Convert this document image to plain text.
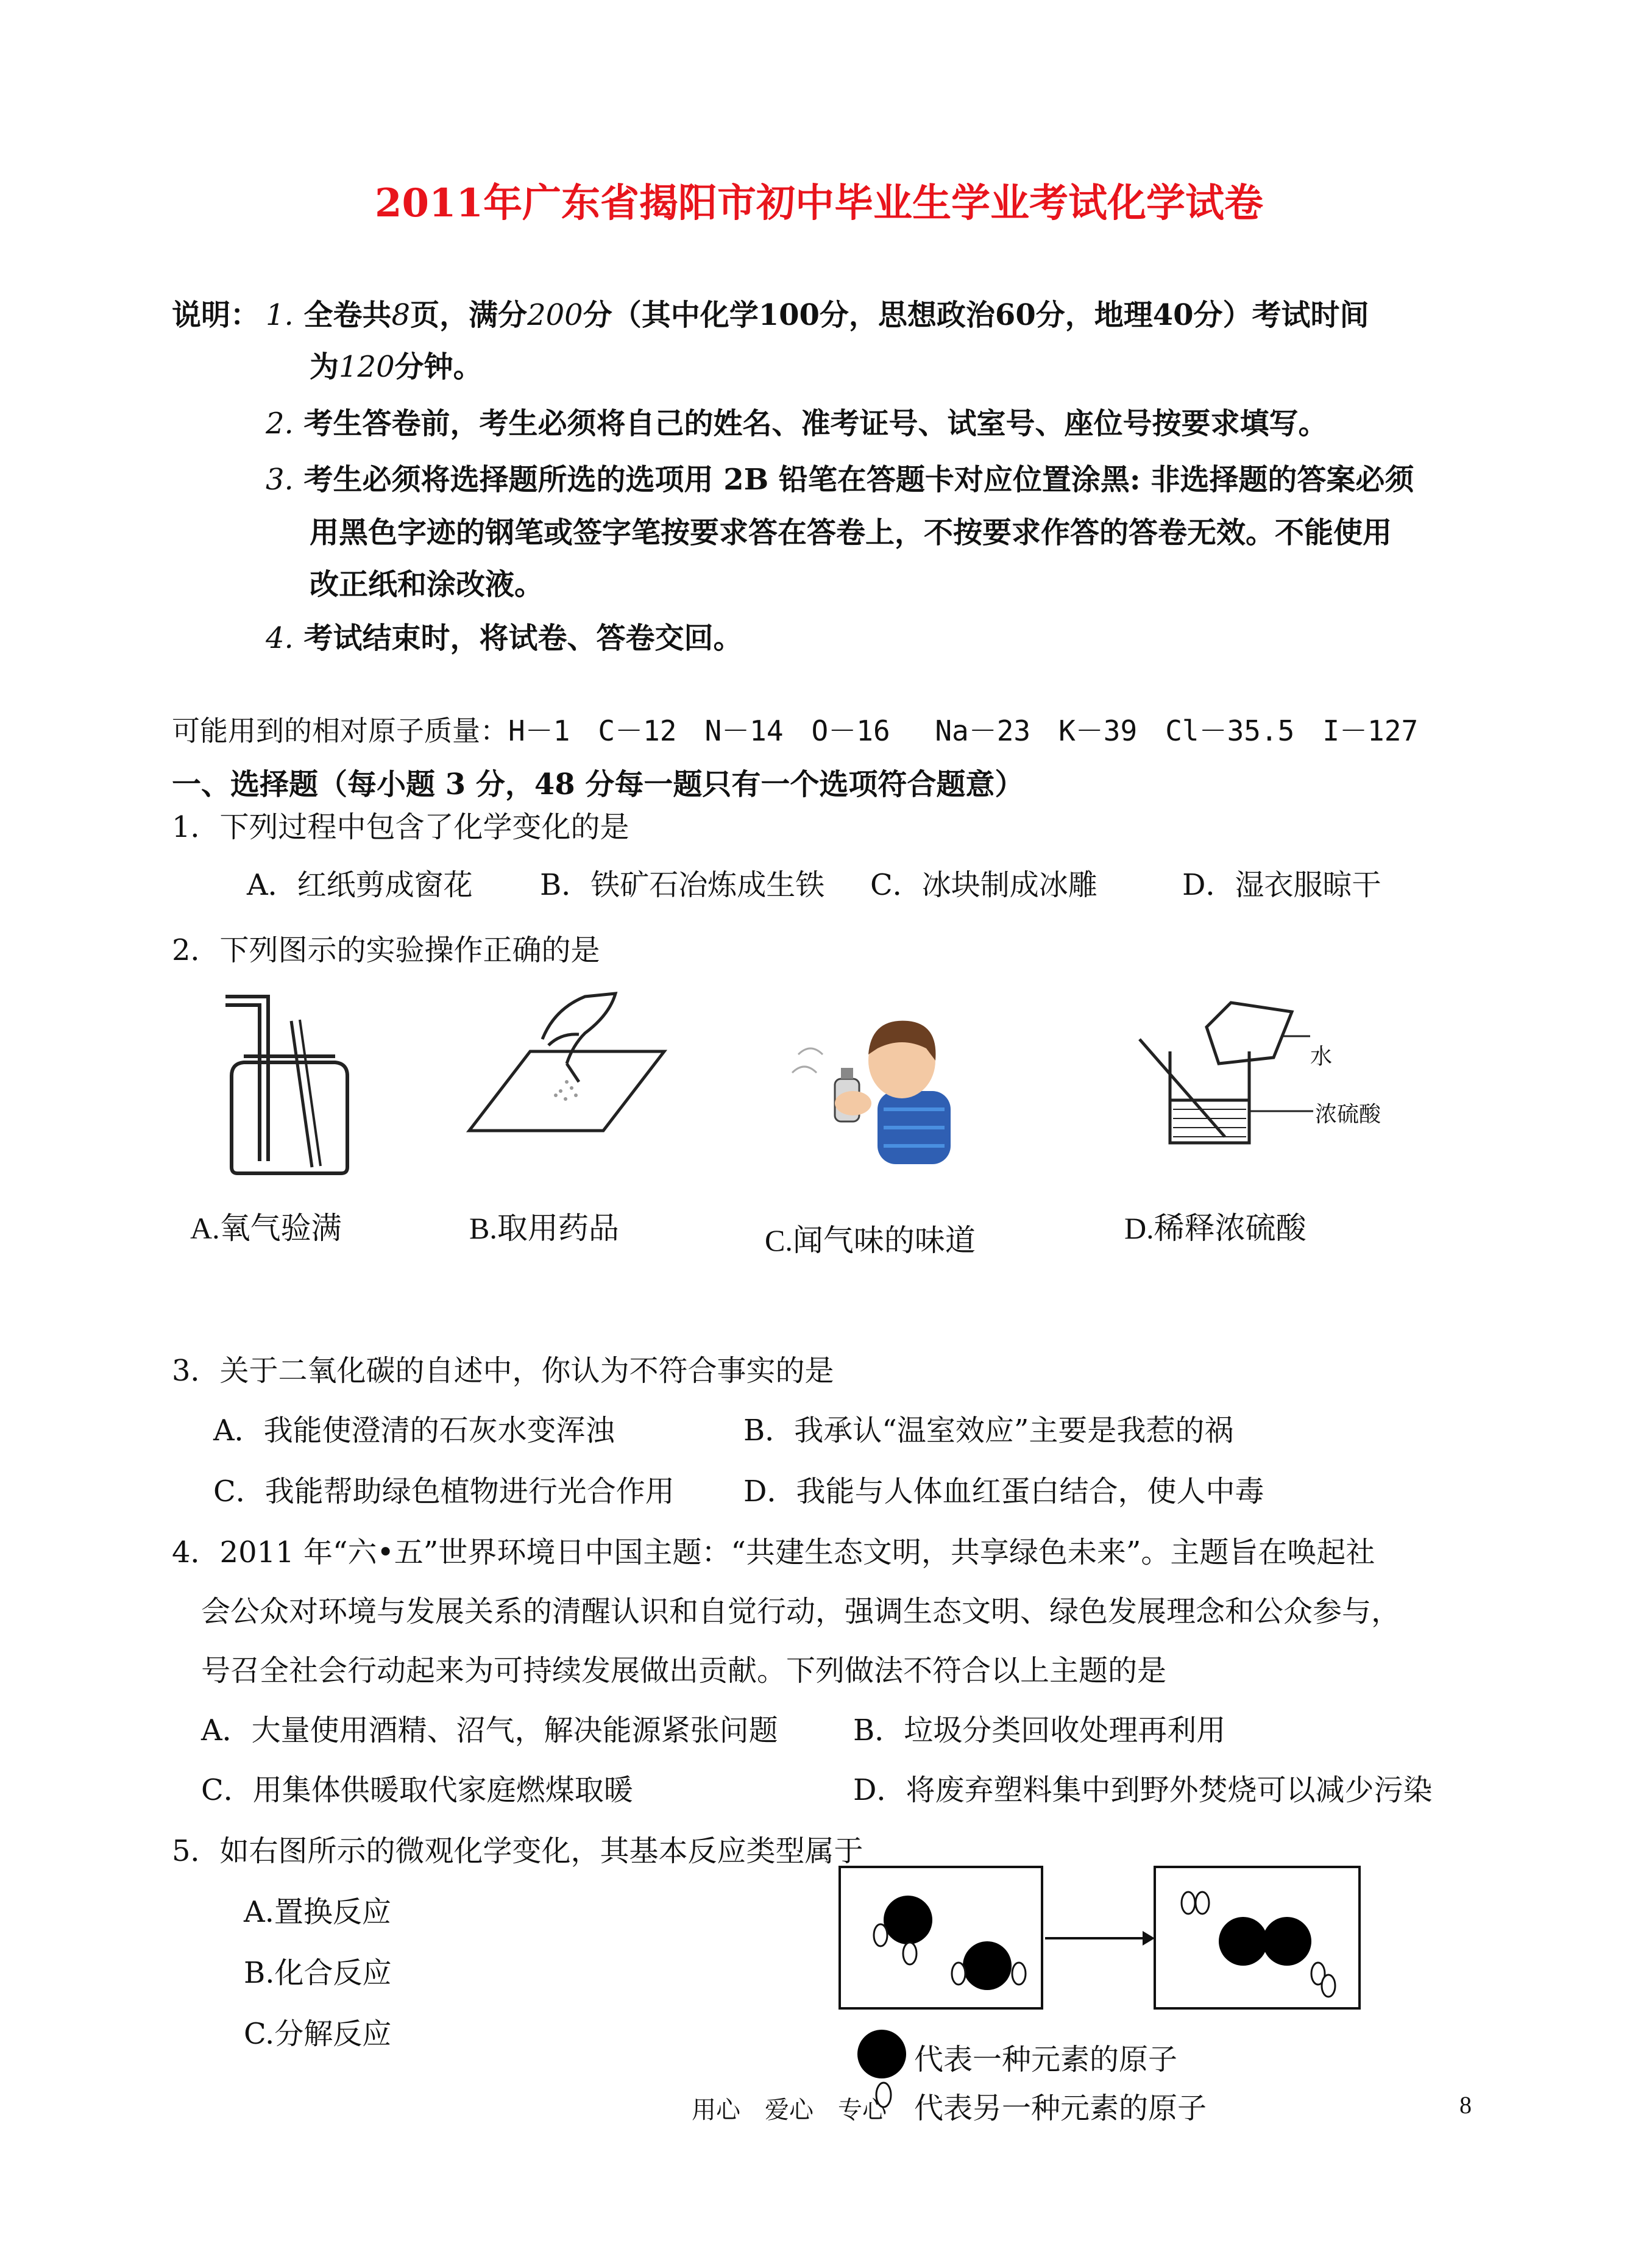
2011年广东省揭阳市初中毕业生学业考试化学试卷
说明： 1. 全卷共8页，满分200分（其中化学100分，思想政治60分，地理40分）考试时间
为120分钟。
2. 考生答卷前，考生必须将自己的姓名、准考证号、试室号、座位号按要求填写。
3. 考生必须将选择题所选的选项用 2B 铅笔在答题卡对应位置涂黑: 非选择题的答案必须
用黑色字迹的钢笔或签字笔按要求答在答卷上，不按要求作答的答卷无效。不能使用
改正纸和涂改液。
4. 考试结束时，将试卷、答卷交回。
可能用到的相对原子质量：H－1　C－12　N－14　O－16　 Na－23　K－39　Cl－35.5　I－127
一、选择题（每小题 3 分，48 分每一题只有一个选项符合题意）
1．下列过程中包含了化学变化的是
A．红纸剪成窗花 B．铁矿石冶炼成生铁 C．冰块制成冰雕	D．湿衣服晾干
2．下列图示的实验操作正确的是
水
浓硫酸
A.氧气验满	B.取用药品	C.闻气味的味道	D.稀释浓硫酸
3．关于二氧化碳的自述中，你认为不符合事实的是
A．我能使澄清的石灰水变浑浊	B．我承认“温室效应”主要是我惹的祸
C．我能帮助绿色植物进行光合作用 D．我能与人体血红蛋白结合，使人中毒
4．2011 年“六•五”世界环境日中国主题：“共建生态文明，共享绿色未来”。主题旨在唤起社
会公众对环境与发展关系的清醒认识和自觉行动，强调生态文明、绿色发展理念和公众参与，
号召全社会行动起来为可持续发展做出贡献。下列做法不符合以上主题的是
A．大量使用酒精、沼气，解决能源紧张问题	B．垃圾分类回收处理再利用
C．用集体供暖取代家庭燃煤取暖	D．将废弃塑料集中到野外焚烧可以减少污染
5．如右图所示的微观化学变化，其基本反应类型属于
A.置换反应
B.化合反应
C.分解反应
代表一种元素的原子
代表另一种元素的原子
用心　爱心　专心	8
